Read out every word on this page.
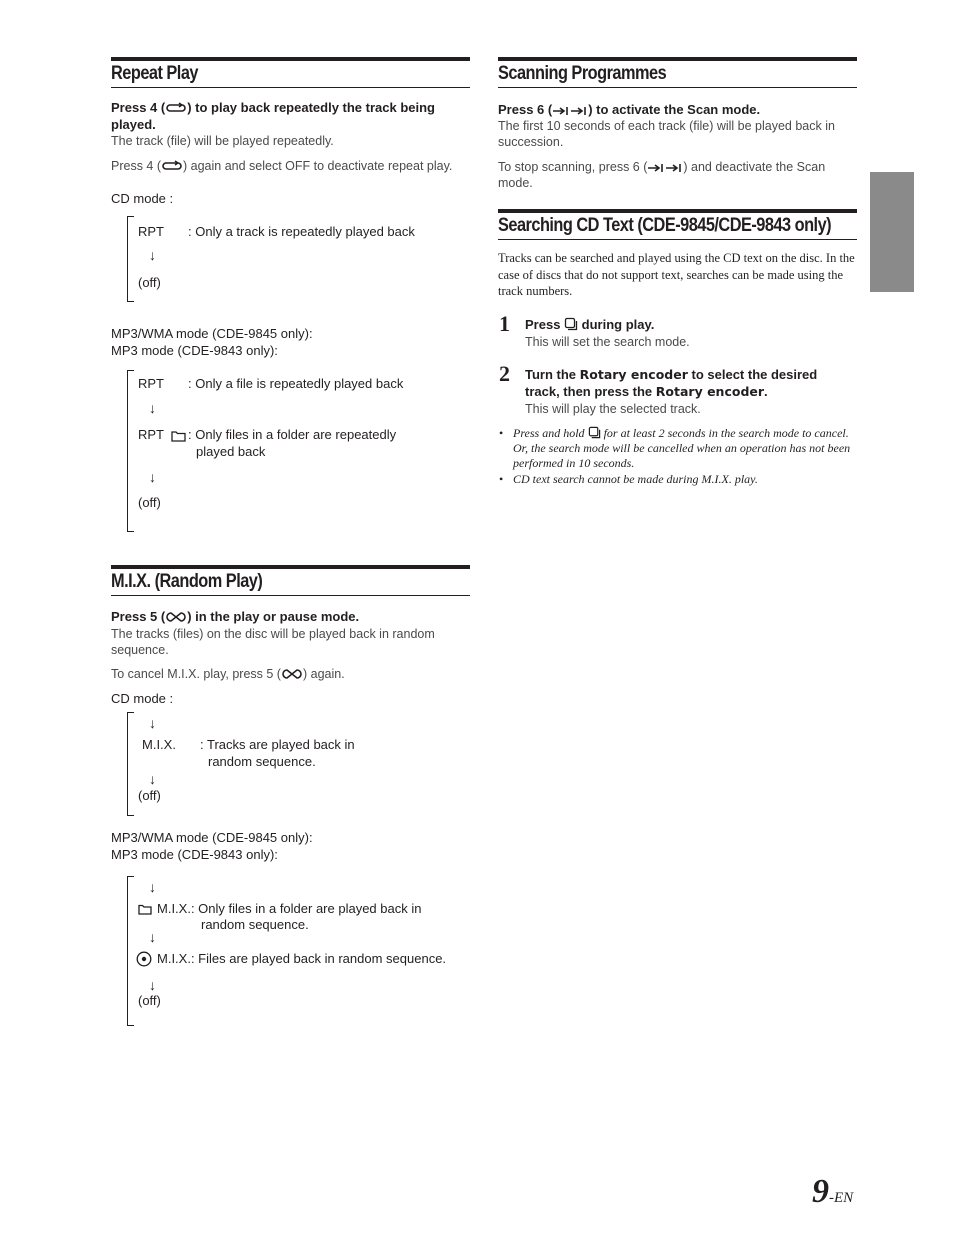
Repeat Play
Press 4 ( ) to play back repeatedly the track being played.
The track (file) will be played repeatedly.
Press 4 ( ) again and select OFF to deactivate repeat play.
CD mode :
RPT : Only a track is repeatedly played back
↓
(off)
MP3/WMA mode (CDE-9845 only):
MP3 mode (CDE-9843 only):
RPT : Only a file is repeatedly played back
↓
RPT : Only files in a folder are repeatedly
played back
↓
(off)
M.I.X. (Random Play)
Press 5 ( ) in the play or pause mode.
The tracks (files) on the disc will be played back in random sequence.
To cancel M.I.X. play, press 5 ( ) again.
CD mode :
↓
M.I.X. : Tracks are played back in
random sequence.
↓
(off)
MP3/WMA mode (CDE-9845 only):
MP3 mode (CDE-9843 only):
↓
M.I.X.: Only files in a folder are played back in
random sequence.
↓
M.I.X.: Files are played back in random sequence.
↓
(off)
Scanning Programmes
Press 6 (	) to activate the Scan mode.
The first 10 seconds of each track (file) will be played back in succession.
To stop scanning, press 6 (	) and deactivate the Scan mode.
Searching CD Text (CDE-9845/CDE-9843 only)
Tracks can be searched and played using the CD text on the disc. In the case of discs that do not support text, searches can be made using the track numbers.
1 Press  during play.
This will set the search mode.
2 Turn the Rotary encoder to select the desired track, then press the Rotary encoder.
This will play the selected track.
• Press and hold  for at least 2 seconds in the search mode to cancel. Or, the search mode will be cancelled when an operation has not been performed in 10 seconds.
• CD text search cannot be made during M.I.X. play.
9-EN
